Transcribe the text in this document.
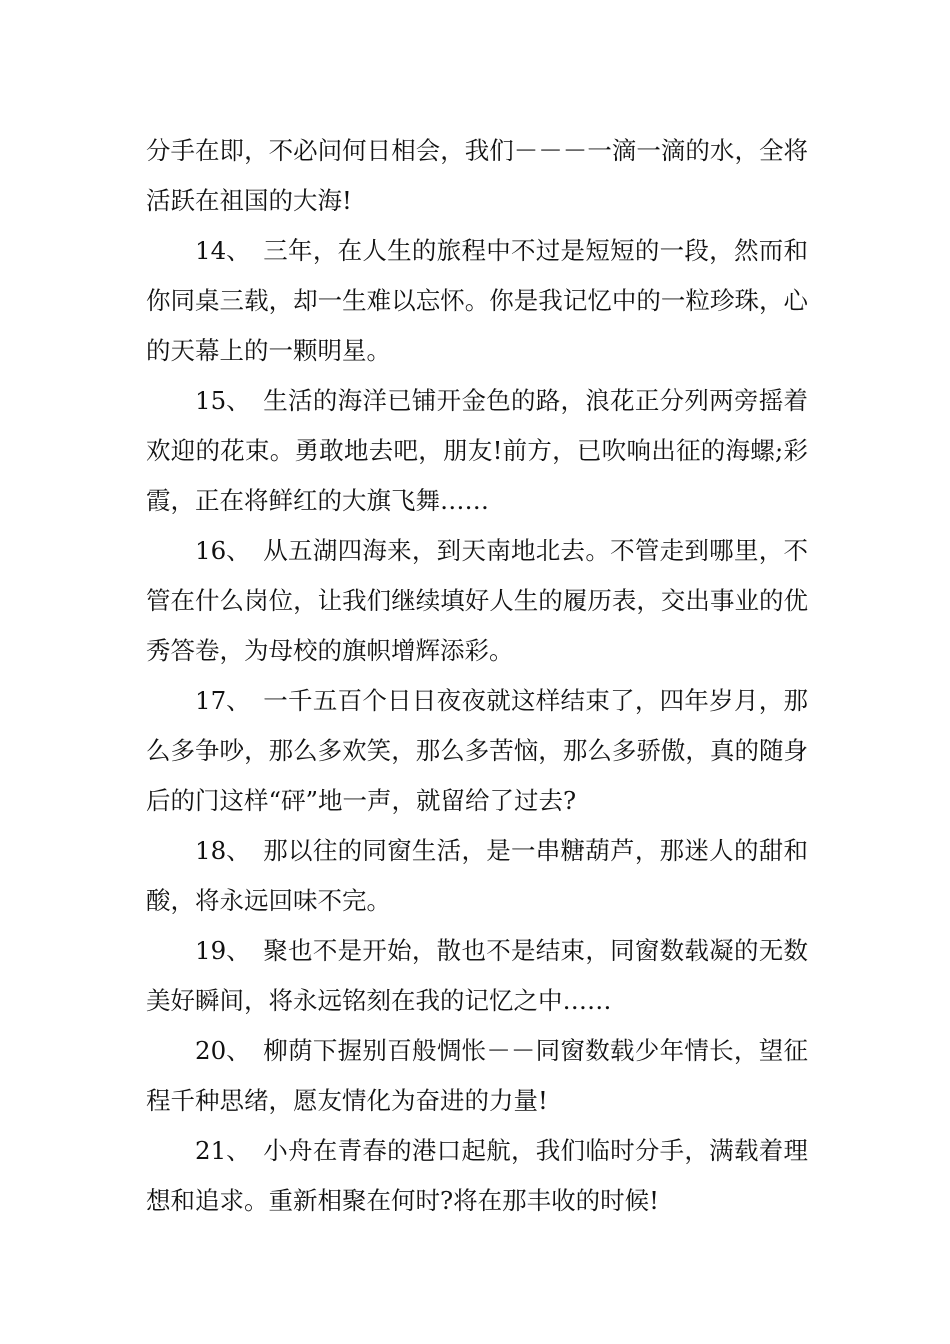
分手在即，不必问何日相会，我们－－－一滴一滴的水，全将活跃在祖国的大海!

14、 三年，在人生的旅程中不过是短短的一段，然而和你同桌三载，却一生难以忘怀。你是我记忆中的一粒珍珠，心的天幕上的一颗明星。

15、 生活的海洋已铺开金色的路，浪花正分列两旁摇着欢迎的花束。勇敢地去吧，朋友!前方，已吹响出征的海螺;彩霞，正在将鲜红的大旗飞舞……

16、 从五湖四海来，到天南地北去。不管走到哪里，不管在什么岗位，让我们继续填好人生的履历表，交出事业的优秀答卷，为母校的旗帜增辉添彩。

17、 一千五百个日日夜夜就这样结束了，四年岁月，那么多争吵，那么多欢笑，那么多苦恼，那么多骄傲，真的随身后的门这样“砰”地一声，就留给了过去?

18、 那以往的同窗生活，是一串糖葫芦，那迷人的甜和酸，将永远回味不完。

19、 聚也不是开始，散也不是结束，同窗数载凝的无数美好瞬间，将永远铭刻在我的记忆之中……

20、 柳荫下握别百般惆怅－－同窗数载少年情长，望征程千种思绪，愿友情化为奋进的力量!

21、 小舟在青春的港口起航，我们临时分手，满载着理想和追求。重新相聚在何时?将在那丰收的时候!
